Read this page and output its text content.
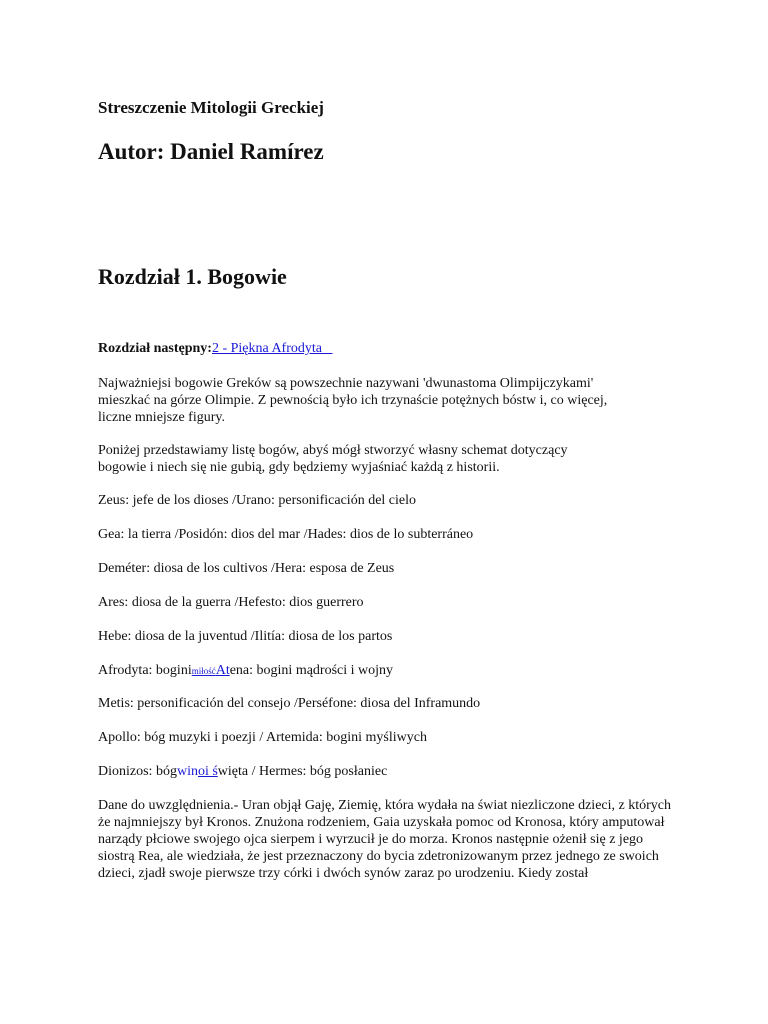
Streszczenie Mitologii Greckiej
Autor: Daniel Ramírez
Rozdział 1. Bogowie
Rozdział następny:2 - Piękna Afrodyta

Najważniejsi bogowie Greków są powszechnie nazywani 'dwunastoma Olimpijczykami'
mieszkać na górze Olimpie. Z pewnością było ich trzynaście potężnych bóstw i, co więcej,
liczne mniejsze figury.

Poniżej przedstawiamy listę bogów, abyś mógł stworzyć własny schemat dotyczący
bogowie i niech się nie gubią, gdy będziemy wyjaśniać każdą z historii.

Zeus: jefe de los dioses /Urano: personificación del cielo

Gea: la tierra /Posidón: dios del mar /Hades: dios de lo subterráneo

Deméter: diosa de los cultivos /Hera: esposa de Zeus

Ares: diosa de la guerra /Hefesto: dios guerrero

Hebe: diosa de la juventud /Ilitía: diosa de los partos

Afrodyta: boginimiłośćAtena: bogini mądrości i wojny

Metis: personificación del consejo /Perséfone: diosa del Inframundo

Apollo: bóg muzyki i poezji / Artemida: bogini myśliwych

Dionizos: bógwinoi święta / Hermes: bóg posłaniec

Dane do uwzględnienia.- Uran objął Gaję, Ziemię, która wydała na świat niezliczone dzieci, z których
że najmniejszy był Kronos. Znużona rodzeniem, Gaia uzyskała pomoc od Kronosa, który amputował
narządy płciowe swojego ojca sierpem i wyrzucił je do morza. Kronos następnie ożenił się z jego
siostrą Rea, ale wiedziała, że jest przeznaczony do bycia zdetronizowanym przez jednego ze swoich
dzieci, zjadł swoje pierwsze trzy córki i dwóch synów zaraz po urodzeniu. Kiedy został
